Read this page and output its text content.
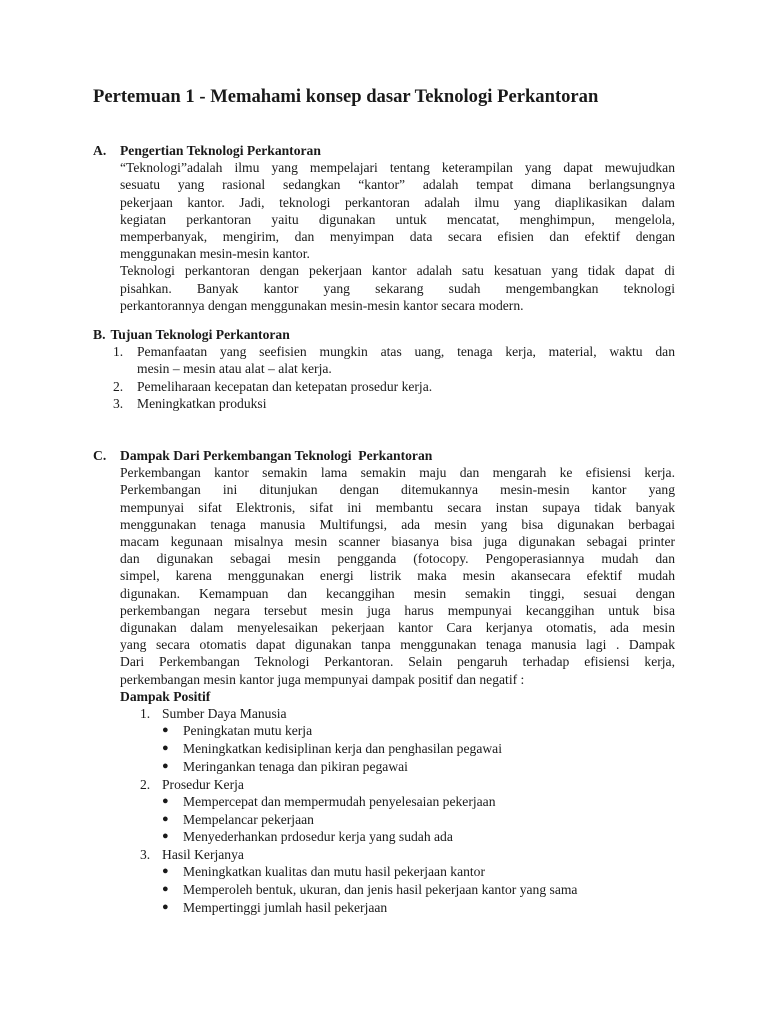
Pertemuan 1 - Memahami konsep dasar Teknologi Perkantoran
A.	Pengertian Teknologi Perkantoran
“Teknologi”adalah ilmu yang mempelajari tentang keterampilan yang dapat mewujudkan
sesuatu yang rasional sedangkan “kantor” adalah tempat dimana berlangsungnya
pekerjaan kantor. Jadi, teknologi perkantoran adalah ilmu yang diaplikasikan dalam
kegiatan perkantoran yaitu digunakan untuk mencatat, menghimpun, mengelola,
memperbanyak, mengirim, dan menyimpan data secara efisien dan efektif dengan
menggunakan mesin-mesin kantor.
Teknologi perkantoran dengan pekerjaan kantor adalah satu kesatuan yang tidak dapat di
pisahkan. Banyak kantor yang sekarang sudah mengembangkan teknologi
perkantorannya dengan menggunakan mesin-mesin kantor secara modern.
B. Tujuan Teknologi Perkantoran
1.	Pemanfaatan yang seefisien mungkin atas uang, tenaga kerja, material, waktu dan
mesin – mesin atau alat – alat kerja.
2.	Pemeliharaan kecepatan dan ketepatan prosedur kerja.
3.	Meningkatkan produksi
C.	Dampak Dari Perkembangan Teknologi  Perkantoran
Perkembangan kantor semakin lama semakin maju dan mengarah ke efisiensi kerja.
Perkembangan ini ditunjukan dengan ditemukannya mesin-mesin kantor yang
mempunyai sifat Elektronis, sifat ini membantu secara instan supaya tidak banyak
menggunakan tenaga manusia Multifungsi, ada mesin yang bisa digunakan berbagai
macam kegunaan misalnya mesin scanner biasanya bisa juga digunakan sebagai printer
dan digunakan sebagai mesin pengganda (fotocopy. Pengoperasiannya mudah dan
simpel, karena menggunakan energi listrik maka mesin akansecara efektif mudah
digunakan. Kemampuan dan kecanggihan mesin semakin tinggi, sesuai dengan
perkembangan negara tersebut mesin juga harus mempunyai kecanggihan untuk bisa
digunakan dalam menyelesaikan pekerjaan kantor Cara kerjanya otomatis, ada mesin
yang secara otomatis dapat digunakan tanpa menggunakan tenaga manusia lagi . Dampak
Dari Perkembangan Teknologi Perkantoran. Selain pengaruh terhadap efisiensi kerja,
perkembangan mesin kantor juga mempunyai dampak positif dan negatif :
Dampak Positif
1. Sumber Daya Manusia
●	Peningkatan mutu kerja
●	Meningkatkan kedisiplinan kerja dan penghasilan pegawai
●	Meringankan tenaga dan pikiran pegawai
2. Prosedur Kerja
●	Mempercepat dan mempermudah penyelesaian pekerjaan
●	Mempelancar pekerjaan
●	Menyederhankan prdosedur kerja yang sudah ada
3. Hasil Kerjanya
●	Meningkatkan kualitas dan mutu hasil pekerjaan kantor
●	Memperoleh bentuk, ukuran, dan jenis hasil pekerjaan kantor yang sama
●	Mempertinggi jumlah hasil pekerjaan
